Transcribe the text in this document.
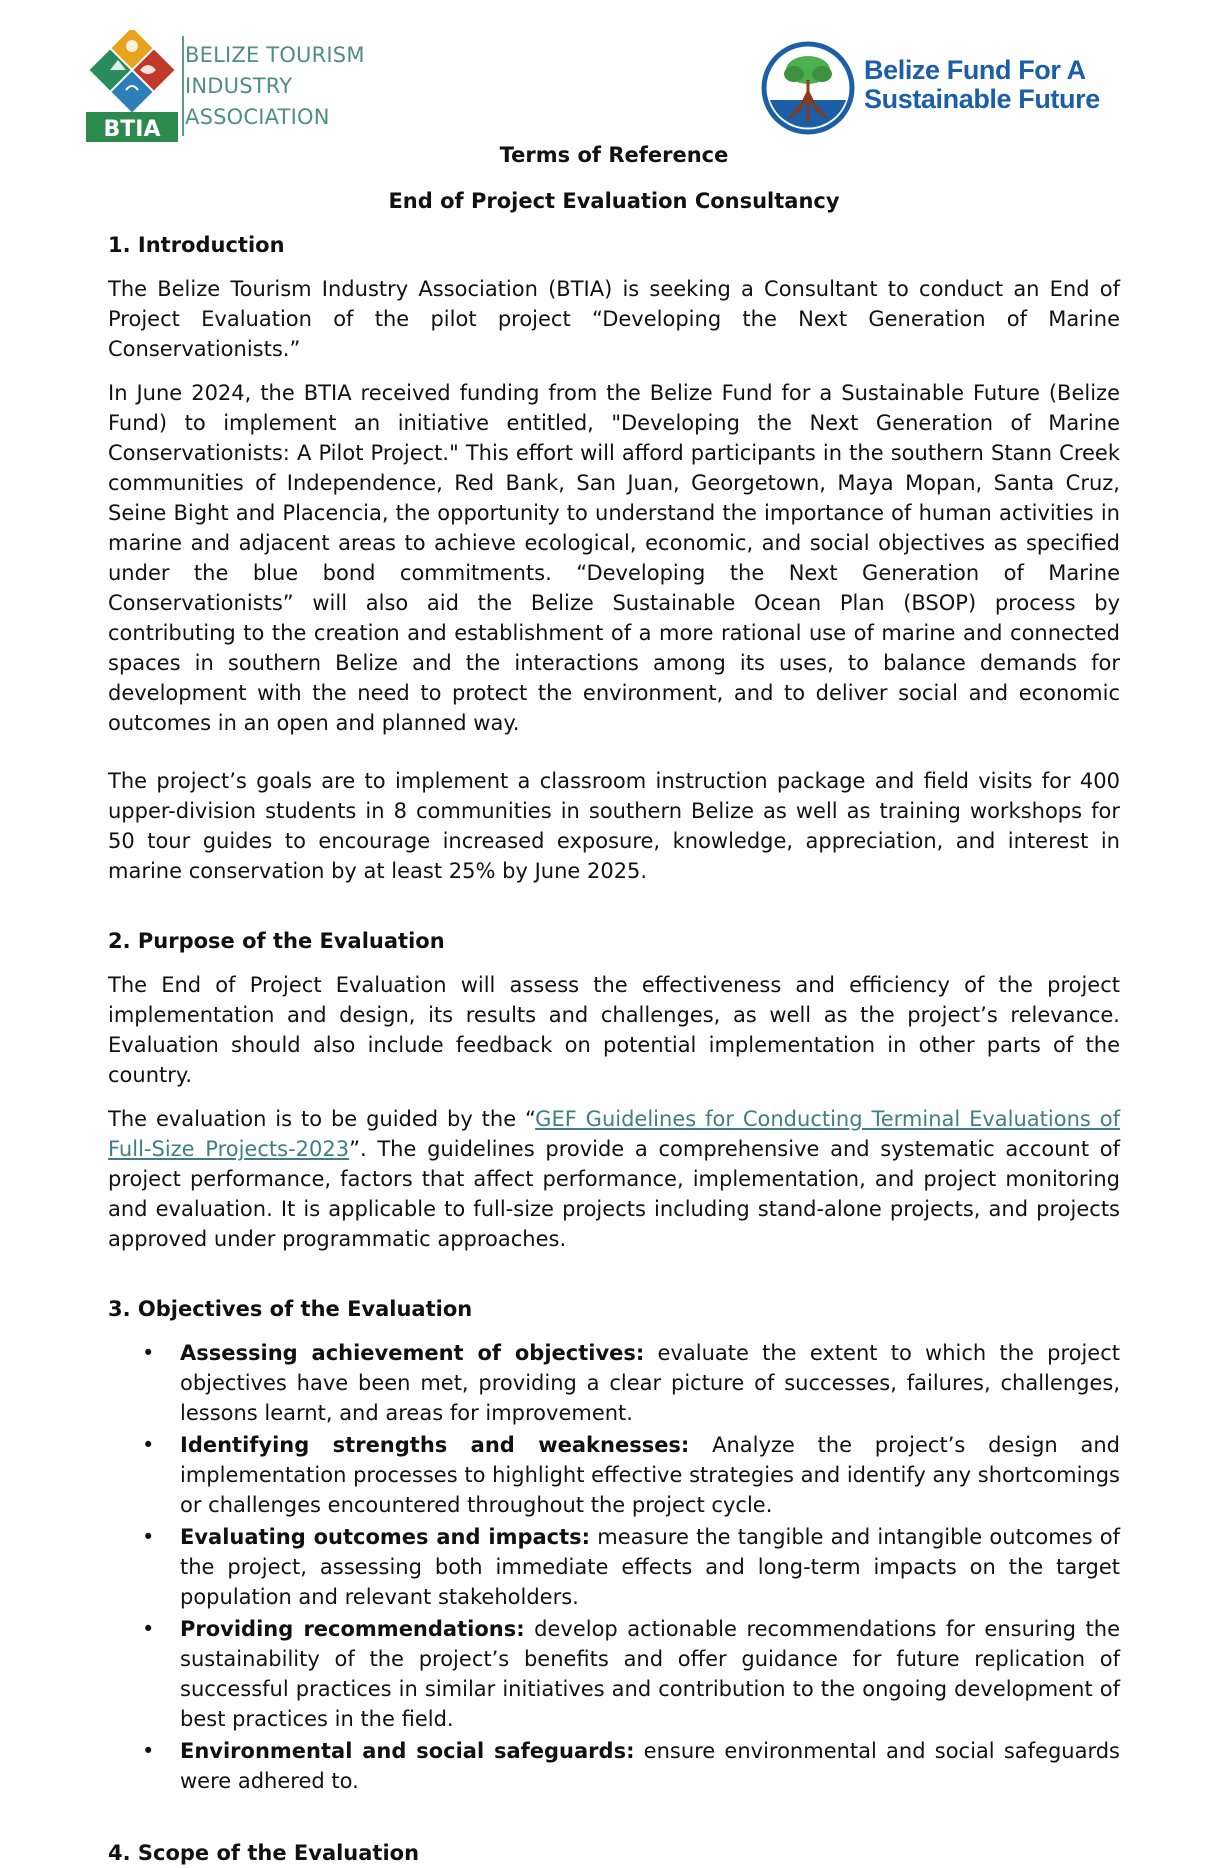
BTIA
BELIZE TOURISM
INDUSTRY
ASSOCIATION
Belize Fund For A
Sustainable Future

Terms of Reference

End of Project Evaluation Consultancy

1. Introduction

The Belize Tourism Industry Association (BTIA) is seeking a Consultant to conduct an End of Project Evaluation of the pilot project “Developing the Next Generation of Marine Conservationists.”

In June 2024, the BTIA received funding from the Belize Fund for a Sustainable Future (Belize Fund) to implement an initiative entitled, "Developing the Next Generation of Marine Conservationists: A Pilot Project." This effort will afford participants in the southern Stann Creek communities of Independence, Red Bank, San Juan, Georgetown, Maya Mopan, Santa Cruz, Seine Bight and Placencia, the opportunity to understand the importance of human activities in marine and adjacent areas to achieve ecological, economic, and social objectives as specified under the blue bond commitments. “Developing the Next Generation of Marine Conservationists” will also aid the Belize Sustainable Ocean Plan (BSOP) process by contributing to the creation and establishment of a more rational use of marine and connected spaces in southern Belize and the interactions among its uses, to balance demands for development with the need to protect the environment, and to deliver social and economic outcomes in an open and planned way.

The project’s goals are to implement a classroom instruction package and field visits for 400 upper-division students in 8 communities in southern Belize as well as training workshops for 50 tour guides to encourage increased exposure, knowledge, appreciation, and interest in marine conservation by at least 25% by June 2025.

2. Purpose of the Evaluation

The End of Project Evaluation will assess the effectiveness and efficiency of the project implementation and design, its results and challenges, as well as the project’s relevance. Evaluation should also include feedback on potential implementation in other parts of the country.

The evaluation is to be guided by the “GEF Guidelines for Conducting Terminal Evaluations of Full-Size Projects-2023”. The guidelines provide a comprehensive and systematic account of project performance, factors that affect performance, implementation, and project monitoring and evaluation. It is applicable to full-size projects including stand-alone projects, and projects approved under programmatic approaches.

3. Objectives of the Evaluation
• Assessing achievement of objectives: evaluate the extent to which the project objectives have been met, providing a clear picture of successes, failures, challenges, lessons learnt, and areas for improvement.
• Identifying strengths and weaknesses: Analyze the project’s design and implementation processes to highlight effective strategies and identify any shortcomings or challenges encountered throughout the project cycle.
• Evaluating outcomes and impacts: measure the tangible and intangible outcomes of the project, assessing both immediate effects and long-term impacts on the target population and relevant stakeholders.
• Providing recommendations: develop actionable recommendations for ensuring the sustainability of the project’s benefits and offer guidance for future replication of successful practices in similar initiatives and contribution to the ongoing development of best practices in the field.
• Environmental and social safeguards: ensure environmental and social safeguards were adhered to.
4. Scope of the Evaluation
